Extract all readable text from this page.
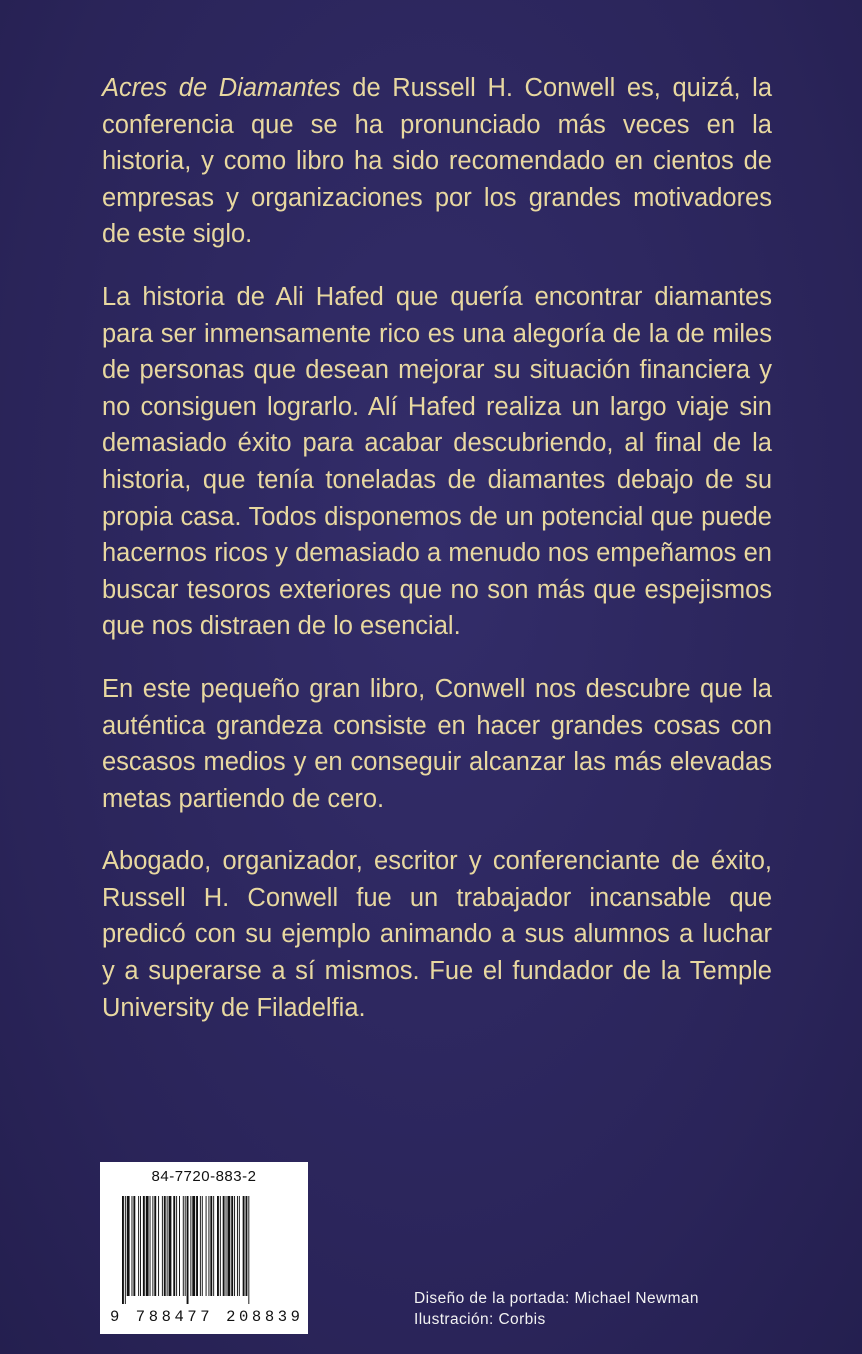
Acres de Diamantes de Russell H. Conwell es, quizá, la conferencia que se ha pronunciado más veces en la historia, y como libro ha sido recomendado en cientos de empresas y organizaciones por los grandes motivadores de este siglo.

La historia de Ali Hafed que quería encontrar diamantes para ser inmensamente rico es una alegoría de la de miles de personas que desean mejorar su situación financiera y no consiguen lograrlo. Alí Hafed realiza un largo viaje sin demasiado éxito para acabar descubriendo, al final de la historia, que tenía toneladas de diamantes debajo de su propia casa. Todos disponemos de un potencial que puede hacernos ricos y demasiado a menudo nos empeñamos en buscar tesoros exteriores que no son más que espejismos que nos distraen de lo esencial.

En este pequeño gran libro, Conwell nos descubre que la auténtica grandeza consiste en hacer grandes cosas con escasos medios y en conseguir alcanzar las más elevadas metas partiendo de cero.

Abogado, organizador, escritor y conferenciante de éxito, Russell H. Conwell fue un trabajador incansable que predicó con su ejemplo animando a sus alumnos a luchar y a superarse a sí mismos. Fue el fundador de la Temple University de Filadelfia.

84-7720-883-2
9 788477 208839
Diseño de la portada: Michael Newman
Ilustración: Corbis
